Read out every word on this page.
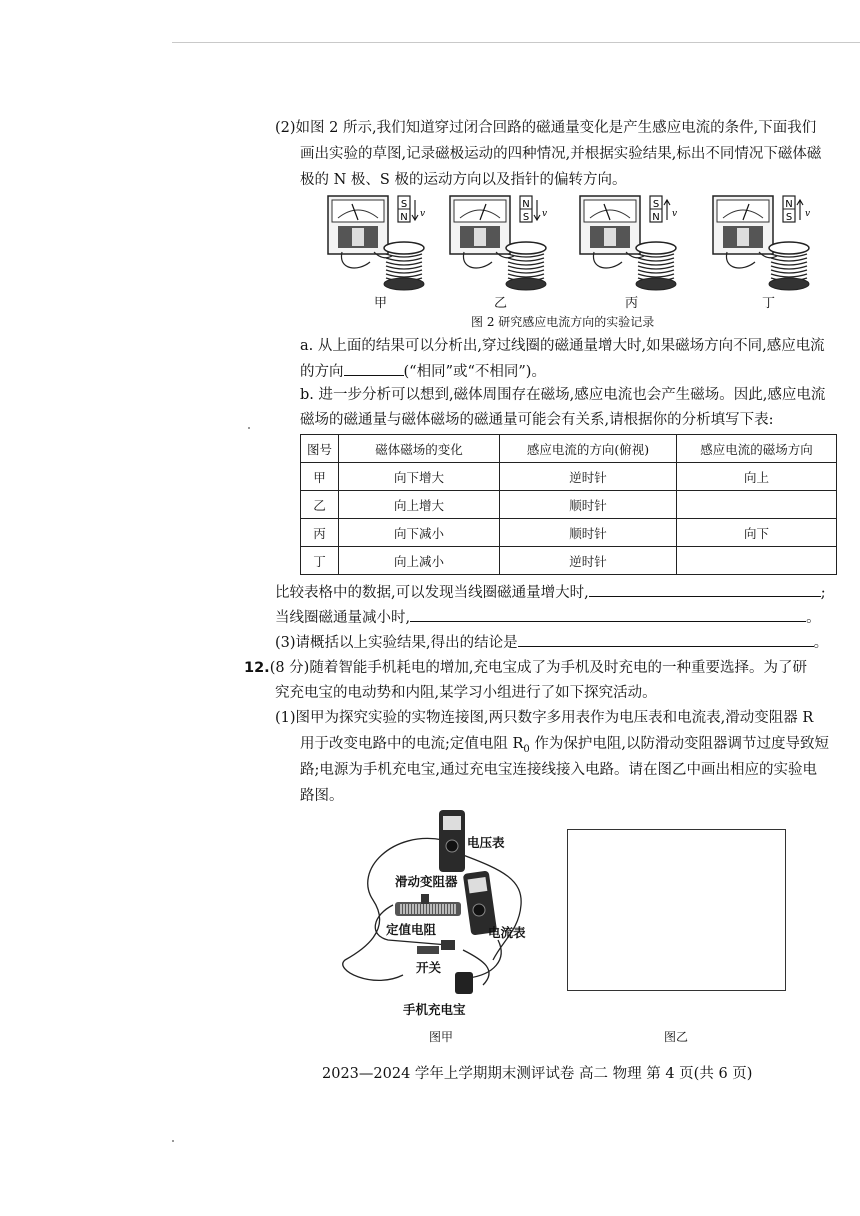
(2)如图 2 所示,我们知道穿过闭合回路的磁通量变化是产生感应电流的条件,下面我们
画出实验的草图,记录磁极运动的四种情况,并根据实验结果,标出不同情况下磁体磁
极的 N 极、S 极的运动方向以及指针的偏转方向。
S
N v
N
S v
S
N v
N
S v
甲	乙	丙	丁
图 2 研究感应电流方向的实验记录
a. 从上面的结果可以分析出,穿过线圈的磁通量增大时,如果磁场方向不同,感应电流
的方向	(“相同”或“不相同”)。
b. 进一步分析可以想到,磁体周围存在磁场,感应电流也会产生磁场。因此,感应电流
磁场的磁通量与磁体磁场的磁通量可能会有关系,请根据你的分析填写下表:
图号	磁体磁场的变化	感应电流的方向(俯视)	感应电流的磁场方向
甲	向下增大	逆时针	向上
乙	向上增大	顺时针	
丙	向下减小	顺时针	向下
丁	向上减小	逆时针	
比较表格中的数据,可以发现当线圈磁通量增大时,	;
当线圈磁通量减小时,	。
(3)请概括以上实验结果,得出的结论是	。
12.(8 分)随着智能手机耗电的增加,充电宝成了为手机及时充电的一种重要选择。为了研
究充电宝的电动势和内阻,某学习小组进行了如下探究活动。
(1)图甲为探究实验的实物连接图,两只数字多用表作为电压表和电流表,滑动变阻器 R
用于改变电路中的电流;定值电阻 $R_0$ 作为保护电阻,以防滑动变阻器调节过度导致短
路;电源为手机充电宝,通过充电宝连接线接入电路。请在图乙中画出相应的实验电
路图。
电压表
滑动变阻器
定值电阻	电流表
开关
手机充电宝
图甲	图乙
2023—2024 学年上学期期末测评试卷 高二 物理 第 4 页(共 6 页)
